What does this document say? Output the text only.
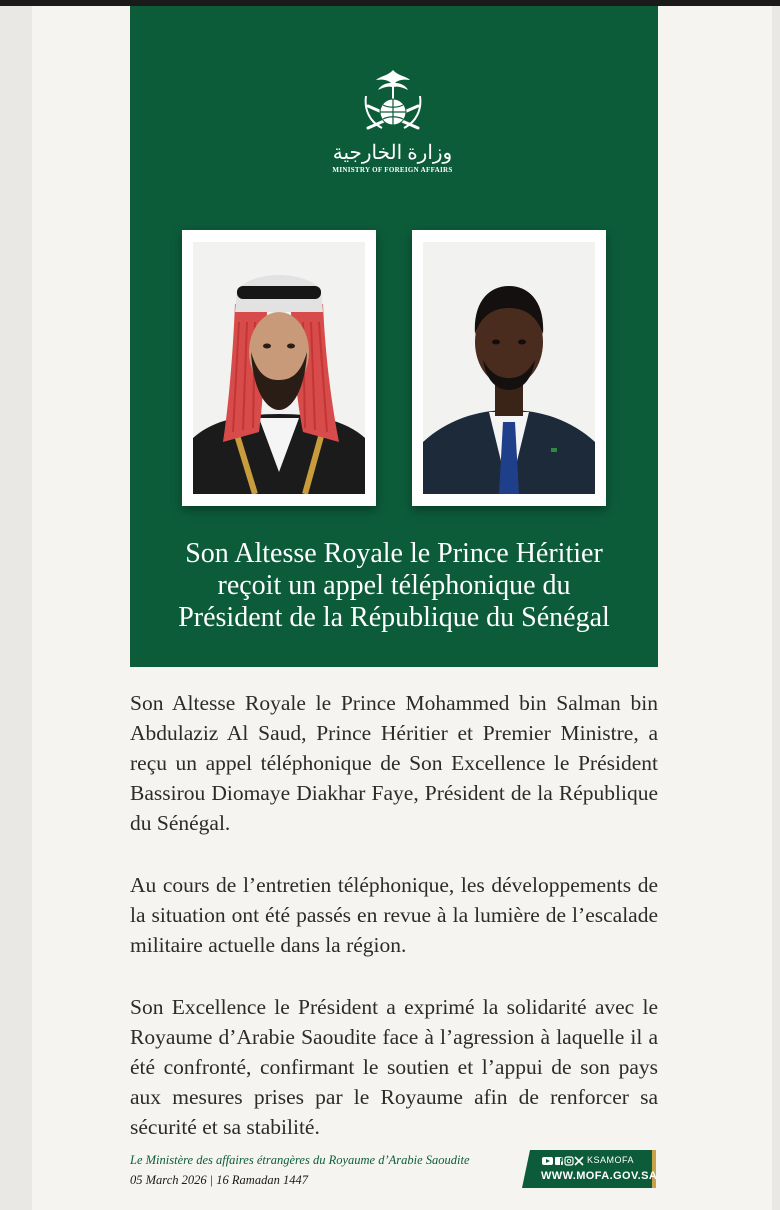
وزارة الخارجية
MINISTRY OF FOREIGN AFFAIRS
Son Altesse Royale le Prince Héritier
reçoit un appel téléphonique du
Président de la République du Sénégal

Son Altesse Royale le Prince Mohammed bin Salman bin Abdulaziz Al Saud, Prince Héritier et Premier Ministre, a reçu un appel téléphonique de Son Excellence le Président Bassirou Diomaye Diakhar Faye, Président de la République du Sénégal.

Au cours de l’entretien téléphonique, les développements de la situation ont été passés en revue à la lumière de l’escalade militaire actuelle dans la région.

Son Excellence le Président a exprimé la solidarité avec le Royaume d’Arabie Saoudite face à l’agression à laquelle il a été confronté, confirmant le soutien et l’appui de son pays aux mesures prises par le Royaume afin de renforcer sa sécurité et sa stabilité.

Le Ministère des affaires étrangères du Royaume d’Arabie Saoudite
05 March 2026 | 16 Ramadan 1447
KSAMOFA
WWW.MOFA.GOV.SA
